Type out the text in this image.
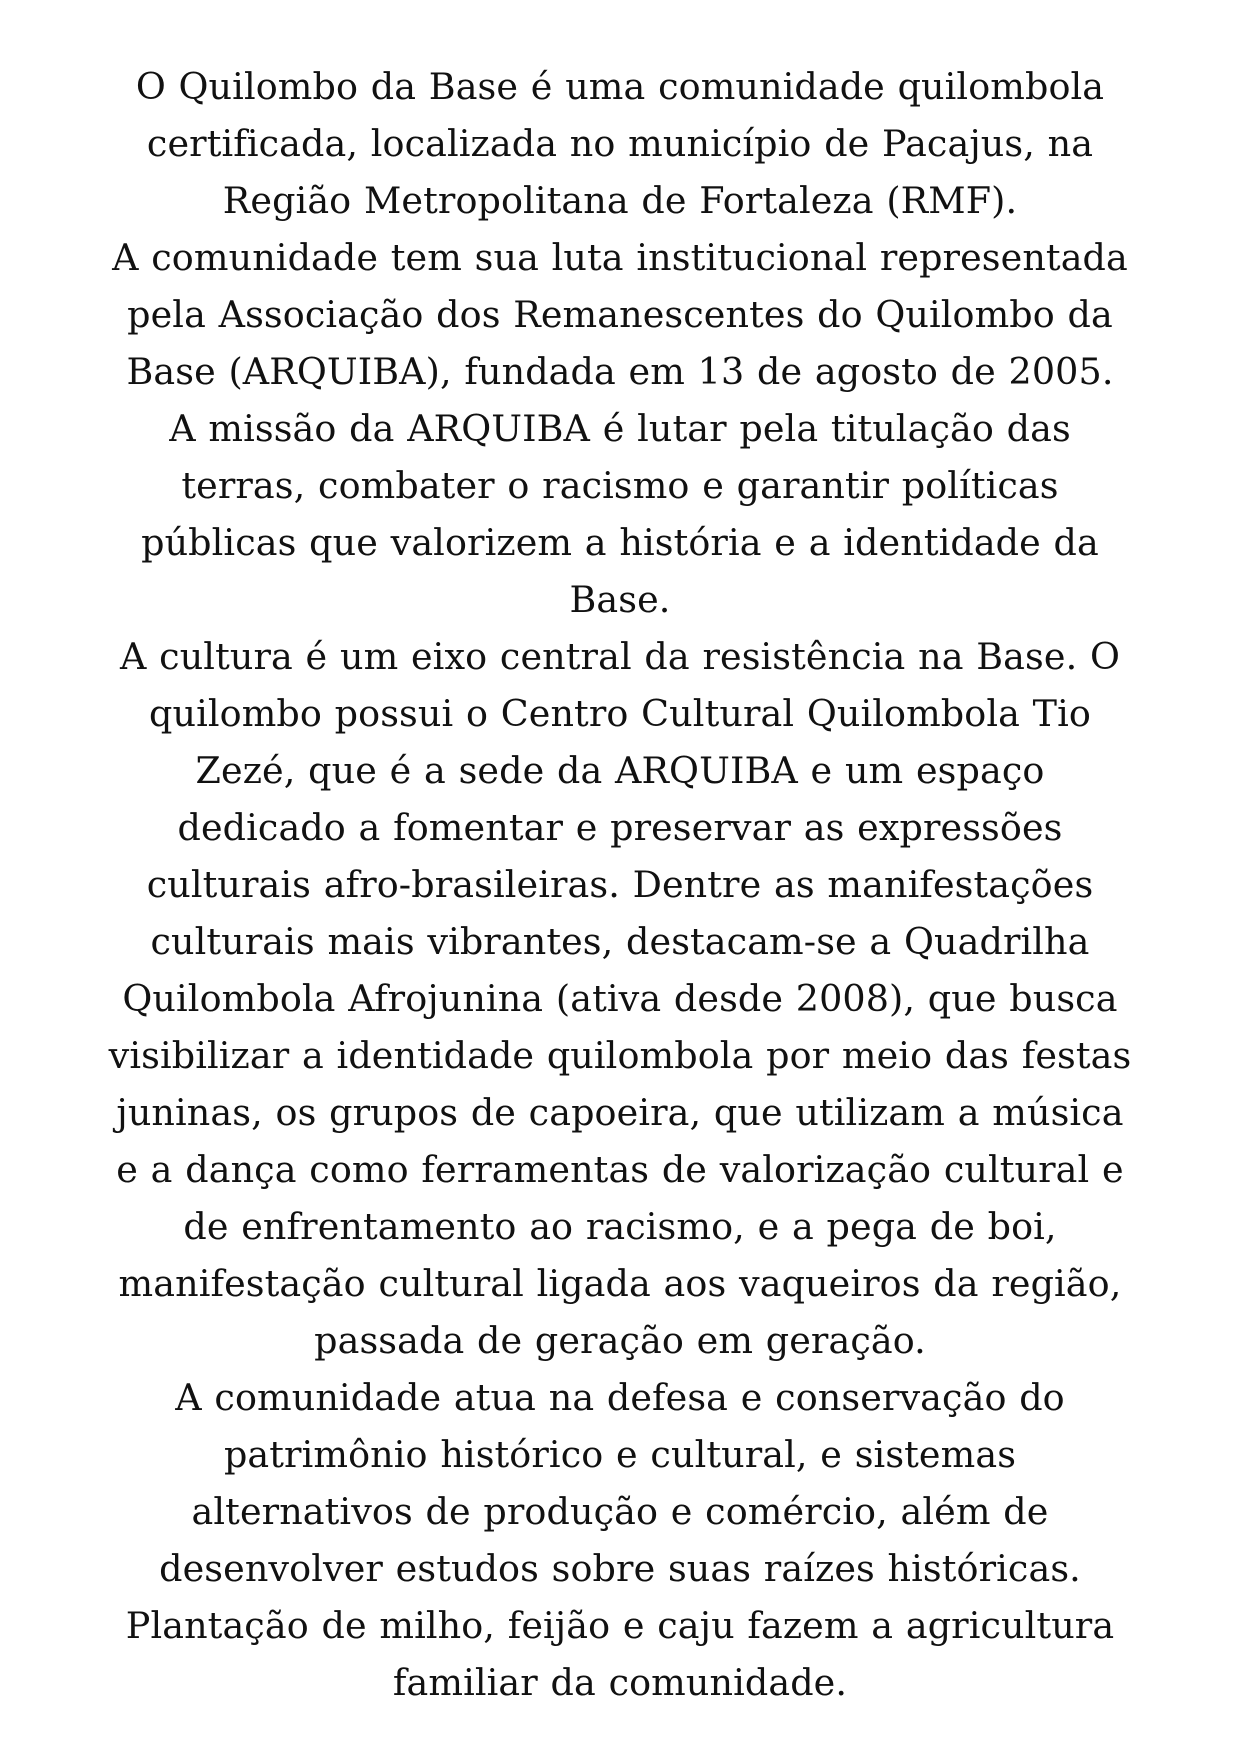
O Quilombo da Base é uma comunidade quilombola certificada, localizada no município de Pacajus, na Região Metropolitana de Fortaleza (RMF).

A comunidade tem sua luta institucional representada pela Associação dos Remanescentes do Quilombo da Base (ARQUIBA), fundada em 13 de agosto de 2005. A missão da ARQUIBA é lutar pela titulação das terras, combater o racismo e garantir políticas públicas que valorizem a história e a identidade da Base.

A cultura é um eixo central da resistência na Base. O quilombo possui o Centro Cultural Quilombola Tio Zezé, que é a sede da ARQUIBA e um espaço dedicado a fomentar e preservar as expressões culturais afro-brasileiras. Dentre as manifestações culturais mais vibrantes, destacam-se a Quadrilha Quilombola Afrojunina (ativa desde 2008), que busca visibilizar a identidade quilombola por meio das festas juninas, os grupos de capoeira, que utilizam a música e a dança como ferramentas de valorização cultural e de enfrentamento ao racismo, e a pega de boi, manifestação cultural ligada aos vaqueiros da região, passada de geração em geração.

A comunidade atua na defesa e conservação do patrimônio histórico e cultural, e sistemas alternativos de produção e comércio, além de desenvolver estudos sobre suas raízes históricas. Plantação de milho, feijão e caju fazem a agricultura familiar da comunidade.
